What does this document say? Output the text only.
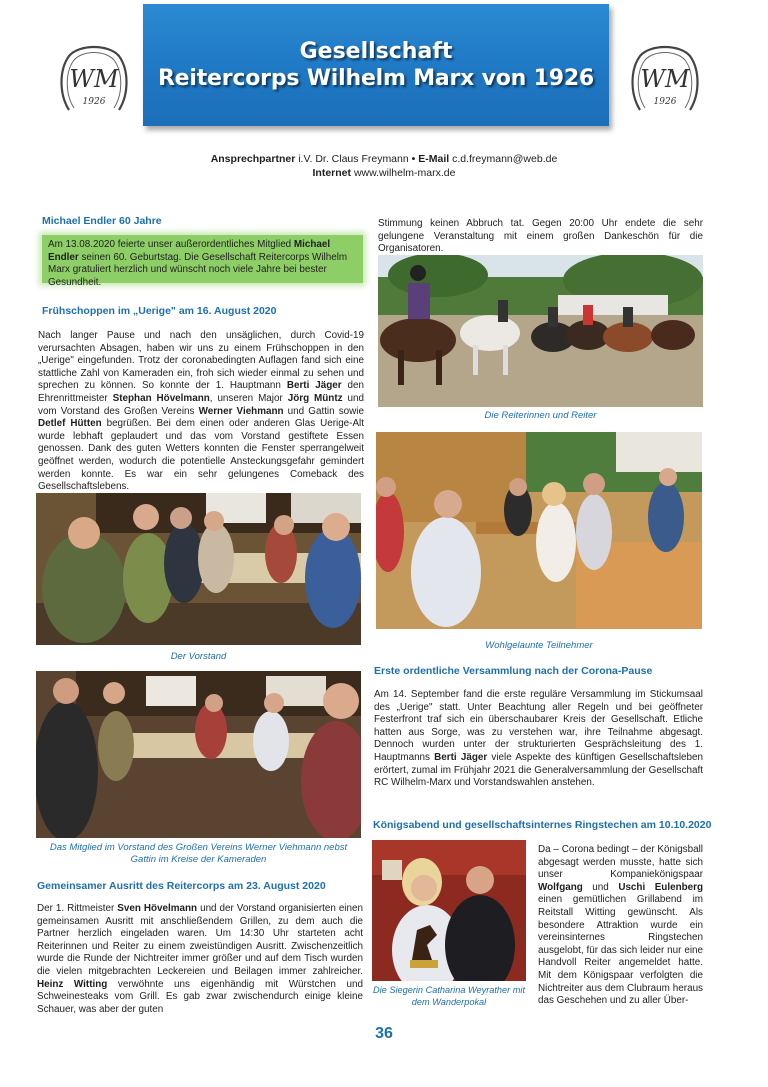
WM
1926
Gesellschaft
Reitercorps Wilhelm Marx von 1926 WM
1926
Ansprechpartner i.V. Dr. Claus Freymann • E-Mail c.d.freymann@web.de
Internet www.wilhelm-marx.de
Michael Endler 60 Jahre
Am 13.08.2020 feierte unser außerordentliches Mitglied Michael Endler seinen 60. Geburtstag. Die Gesellschaft Reitercorps Wilhelm Marx gratuliert herzlich und wünscht noch viele Jahre bei bester Gesundheit.
Frühschoppen im „Uerige" am 16. August 2020
Nach langer Pause und nach den unsäglichen, durch Covid-19 verursachten Absagen, haben wir uns zu einem Frühschoppen in den „Uerige" eingefunden. Trotz der coronabedingten Auflagen fand sich eine stattliche Zahl von Kameraden ein, froh sich wieder einmal zu sehen und sprechen zu können. So konnte der 1. Hauptmann Berti Jäger den Ehrenrittmeister Stephan Hövelmann, unseren Major Jörg Müntz und vom Vorstand des Großen Vereins Werner Viehmann und Gattin sowie Detlef Hütten begrüßen. Bei dem einen oder anderen Glas Uerige-Alt wurde lebhaft geplaudert und das vom Vorstand gestiftete Essen genossen. Dank des guten Wetters konnten die Fenster sperrangelweit geöffnet werden, wodurch die potentielle Ansteckungsgefahr gemindert werden konnte. Es war ein sehr gelungenes Comeback des Gesellschaftslebens.
Der Vorstand
Das Mitglied im Vorstand des Großen Vereins Werner Viehmann nebst Gattin im Kreise der Kameraden
Gemeinsamer Ausritt des Reitercorps am 23. August 2020
Der 1. Rittmeister Sven Hövelmann und der Vorstand organisierten einen gemeinsamen Ausritt mit anschließendem Grillen, zu dem auch die Partner herzlich eingeladen waren. Um 14:30 Uhr starteten acht Reiterinnen und Reiter zu einem zweistündigen Ausritt. Zwischenzeitlich wurde die Runde der Nichtreiter immer größer und auf dem Tisch wurden die vielen mitgebrachten Leckereien und Beilagen immer zahlreicher. Heinz Witting verwöhnte uns eigenhändig mit Würstchen und Schweinesteaks vom Grill. Es gab zwar zwischendurch einige kleine Schauer, was aber der guten
Stimmung keinen Abbruch tat. Gegen 20:00 Uhr endete die sehr gelungene Veranstaltung mit einem großen Dankeschön für die Organisatoren.
Die Reiterinnen und Reiter
Wohlgelaunte Teilnehmer
Erste ordentliche Versammlung nach der Corona-Pause
Am 14. September fand die erste reguläre Versammlung im Stickumsaal des „Uerige" statt. Unter Beachtung aller Regeln und bei geöffneter Festerfront traf sich ein überschaubarer Kreis der Gesellschaft. Etliche hatten aus Sorge, was zu verstehen war, ihre Teilnahme abgesagt. Dennoch wurden unter der strukturierten Gesprächsleitung des 1. Hauptmanns Berti Jäger viele Aspekte des künftigen Gesellschaftsleben erörtert, zumal im Frühjahr 2021 die Generalversammlung der Gesellschaft RC Wilhelm-Marx und Vorstandswahlen anstehen.
Königsabend und gesellschaftsinternes Ringstechen am 10.10.2020
Die Siegerin Catharina Weyrather mit dem Wanderpokal
Da – Corona bedingt – der Königsball abgesagt werden musste, hatte sich unser Kompaniekönigspaar Wolfgang und Uschi Eulenberg einen gemütlichen Grillabend im Reitstall Witting gewünscht. Als besondere Attraktion wurde ein vereinsinternes Ringstechen ausgelobt, für das sich leider nur eine Handvoll Reiter angemeldet hatte. Mit dem Königspaar verfolgten die Nichtreiter aus dem Clubraum heraus das Geschehen und zu aller Über-
36
